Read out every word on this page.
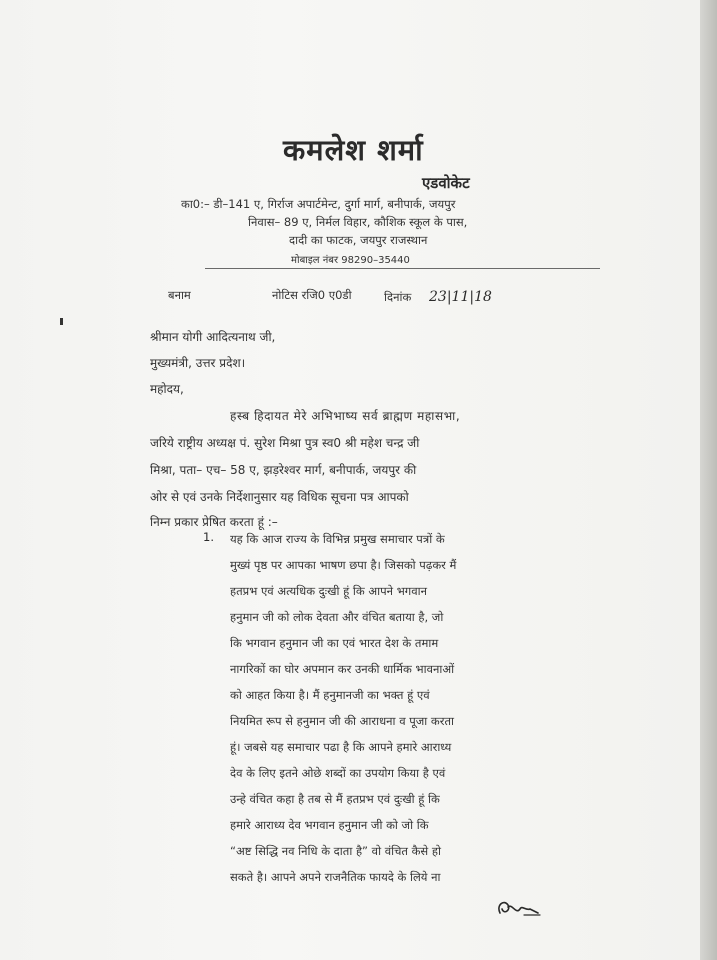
कमलेश शर्मा
एडवोकेट
का0:– डी–141 ए, गिर्राज अपार्टमेन्ट, दुर्गा मार्ग, बनीपार्क, जयपुर
निवास– 89 ए, निर्मल विहार, कौशिक स्कूल के पास,
दादी का फाटक, जयपुर राजस्थान
मोबाइल नंबर 98290–35440
बनाम	नोटिस रजि0 ए0डी	दिनांक 23|11|18
श्रीमान योगी आदित्यनाथ जी,
मुख्यमंत्री, उत्तर प्रदेश।
महोदय,
हस्ब हिदायत मेरे अभिभाष्य सर्व ब्राह्मण महासभा,
जरिये राष्ट्रीय अध्यक्ष पं. सुरेश मिश्रा पुत्र स्व0 श्री महेश चन्द्र जी
मिश्रा, पता– एच– 58 ए, झड़रेश्वर मार्ग, बनीपार्क, जयपुर की
ओर से एवं उनके निर्देशानुसार यह विधिक सूचना पत्र आपको
निम्न प्रकार प्रेषित करता हूं :–
1. यह कि आज राज्य के विभिन्न प्रमुख समाचार पत्रों के
मुख्यं पृष्ठ पर आपका भाषण छपा है। जिसको पढ़कर मैं
हतप्रभ एवं अत्यधिक दुःखी हूं कि आपने भगवान
हनुमान जी को लोक देवता और वंचित बताया है, जो
कि भगवान हनुमान जी का एवं भारत देश के तमाम
नागरिकों का घोर अपमान कर उनकी धार्मिक भावनाओं
को आहत किया है। मैं हनुमानजी का भक्त हूं एवं
नियमित रूप से हनुमान जी की आराधना व पूजा करता
हूं। जबसे यह समाचार पढा है कि आपने हमारे आराध्य
देव के लिए इतने ओछे शब्दों का उपयोग किया है एवं
उन्हे वंचित कहा है तब से मैं हतप्रभ एवं दुःखी हूं कि
हमारे आराध्य देव भगवान हनुमान जी को जो कि
“अष्ट सिद्धि नव निधि के दाता है” वो वंचित कैसे हो
सकते है। आपने अपने राजनैतिक फायदे के लिये ना
